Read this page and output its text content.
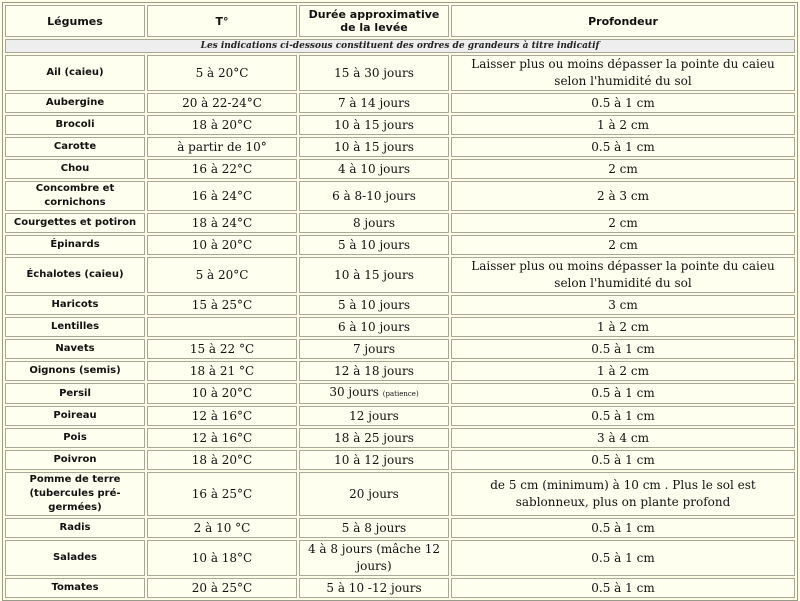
Les indications ci-dessous constituent des ordres de grandeurs à titre indicatif			
Légumes	T°	Durée approximative de la levée	Profondeur
Ail (caieu)	5 à 20°C	15 à 30 jours	Laisser plus ou moins dépasser la pointe du caieu selon l'humidité du sol
Aubergine	20 à 22-24°C	7 à 14 jours	0.5 à 1 cm
Brocoli	18 à 20°C	10 à 15 jours	1 à 2 cm
Carotte	à partir de 10°	10 à 15 jours	0.5 à 1 cm
Chou	16 à 22°C	4 à 10 jours	2 cm
Concombre et cornichons	16 à 24°C	6 à 8-10 jours	2 à 3 cm
Courgettes et potiron	18 à 24°C	8 jours	2 cm
Épinards	10 à 20°C	5 à 10 jours	2 cm
Échalotes (caieu)	5 à 20°C	10 à 15 jours	Laisser plus ou moins dépasser la pointe du caieu selon l'humidité du sol
Haricots	15 à 25°C	5 à 10 jours	3 cm
Lentilles		6 à 10 jours	1 à 2 cm
Navets	15 à 22 °C	7 jours	0.5 à 1 cm
Oignons (semis)	18 à 21 °C	12 à 18 jours	1 à 2 cm
Persil	10 à 20°C	30 jours (patience)	0.5 à 1 cm
Poireau	12 à 16°C	12 jours	0.5 à 1 cm
Pois	12 à 16°C	18 à 25 jours	3 à 4 cm
Poivron	18 à 20°C	10 à 12 jours	0.5 à 1 cm
Pomme de terre (tubercules pré-germées)	16 à 25°C	20 jours	de 5 cm (minimum) à 10 cm . Plus le sol est sablonneux, plus on plante profond
Radis	2 à 10 °C	5 à 8 jours	0.5 à 1 cm
Salades	10 à 18°C	4 à 8 jours (mâche 12 jours)	0.5 à 1 cm
Tomates	20 à 25°C	5 à 10 -12 jours	0.5 à 1 cm
